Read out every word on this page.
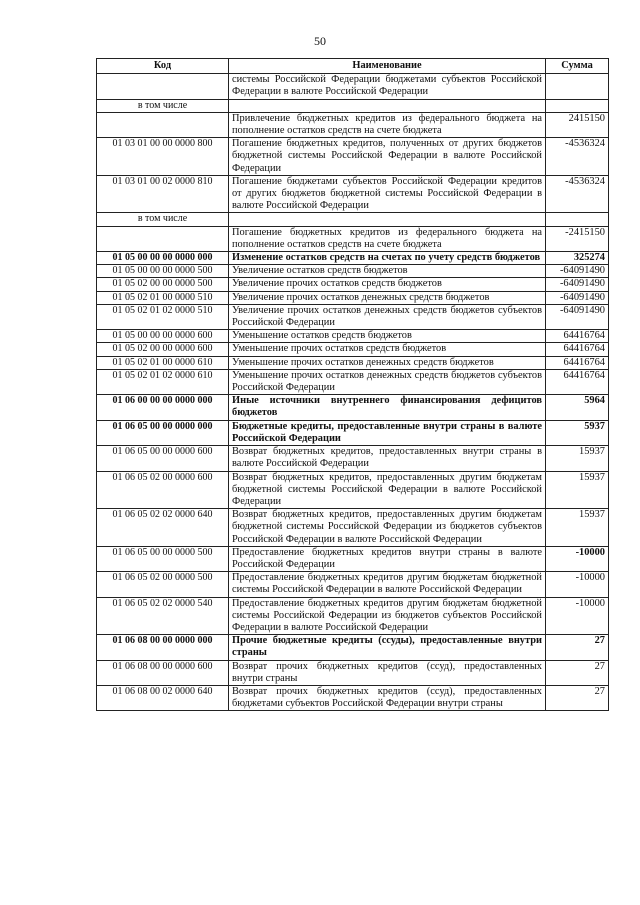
50
Код	Наименование	Сумма
	системы Российской Федерации бюджетами субъектов Российской Федерации в валюте Российской Федерации	
в том числе		
	Привлечение бюджетных кредитов из федерального бюджета на пополнение остатков средств на счете бюджета	2415150
01 03 01 00 00 0000 800	Погашение бюджетных кредитов, полученных от других бюджетов бюджетной системы Российской Федерации в валюте Российской Федерации	-4536324
01 03 01 00 02 0000 810	Погашение бюджетами субъектов Российской Федерации кредитов от других бюджетов бюджетной системы Российской Федерации в валюте Российской Федерации	-4536324
в том числе		
	Погашение бюджетных кредитов из федерального бюджета на пополнение остатков средств на счете бюджета	-2415150
01 05 00 00 00 0000 000	Изменение остатков средств на счетах по учету средств бюджетов	325274
01 05 00 00 00 0000 500	Увеличение остатков средств бюджетов	-64091490
01 05 02 00 00 0000 500	Увеличение прочих остатков средств бюджетов	-64091490
01 05 02 01 00 0000 510	Увеличение прочих остатков денежных средств бюджетов	-64091490
01 05 02 01 02 0000 510	Увеличение прочих остатков денежных средств бюджетов субъектов Российской Федерации	-64091490
01 05 00 00 00 0000 600	Уменьшение остатков средств бюджетов	64416764
01 05 02 00 00 0000 600	Уменьшение прочих остатков средств бюджетов	64416764
01 05 02 01 00 0000 610	Уменьшение прочих остатков денежных средств бюджетов	64416764
01 05 02 01 02 0000 610	Уменьшение прочих остатков денежных средств бюджетов субъектов Российской Федерации	64416764
01 06 00 00 00 0000 000	Иные источники внутреннего финансирования дефицитов бюджетов	5964
01 06 05 00 00 0000 000	Бюджетные кредиты, предоставленные внутри страны в валюте Российской Федерации	5937
01 06 05 00 00 0000 600	Возврат бюджетных кредитов, предоставленных внутри страны в валюте Российской Федерации	15937
01 06 05 02 00 0000 600	Возврат бюджетных кредитов, предоставленных другим бюджетам бюджетной системы Российской Федерации в валюте Российской Федерации	15937
01 06 05 02 02 0000 640	Возврат бюджетных кредитов, предоставленных другим бюджетам бюджетной системы Российской Федерации из бюджетов субъектов Российской Федерации в валюте Российской Федерации	15937
01 06 05 00 00 0000 500	Предоставление бюджетных кредитов внутри страны в валюте Российской Федерации	-10000
01 06 05 02 00 0000 500	Предоставление бюджетных кредитов другим бюджетам бюджетной системы Российской Федерации в валюте Российской Федерации	-10000
01 06 05 02 02 0000 540	Предоставление бюджетных кредитов другим бюджетам бюджетной системы Российской Федерации из бюджетов субъектов Российской Федерации в валюте Российской Федерации	-10000
01 06 08 00 00 0000 000	Прочие бюджетные кредиты (ссуды), предоставленные внутри страны	27
01 06 08 00 00 0000 600	Возврат прочих бюджетных кредитов (ссуд), предоставленных внутри страны	27
01 06 08 00 02 0000 640	Возврат прочих бюджетных кредитов (ссуд), предоставленных бюджетами субъектов Российской Федерации внутри страны	27
